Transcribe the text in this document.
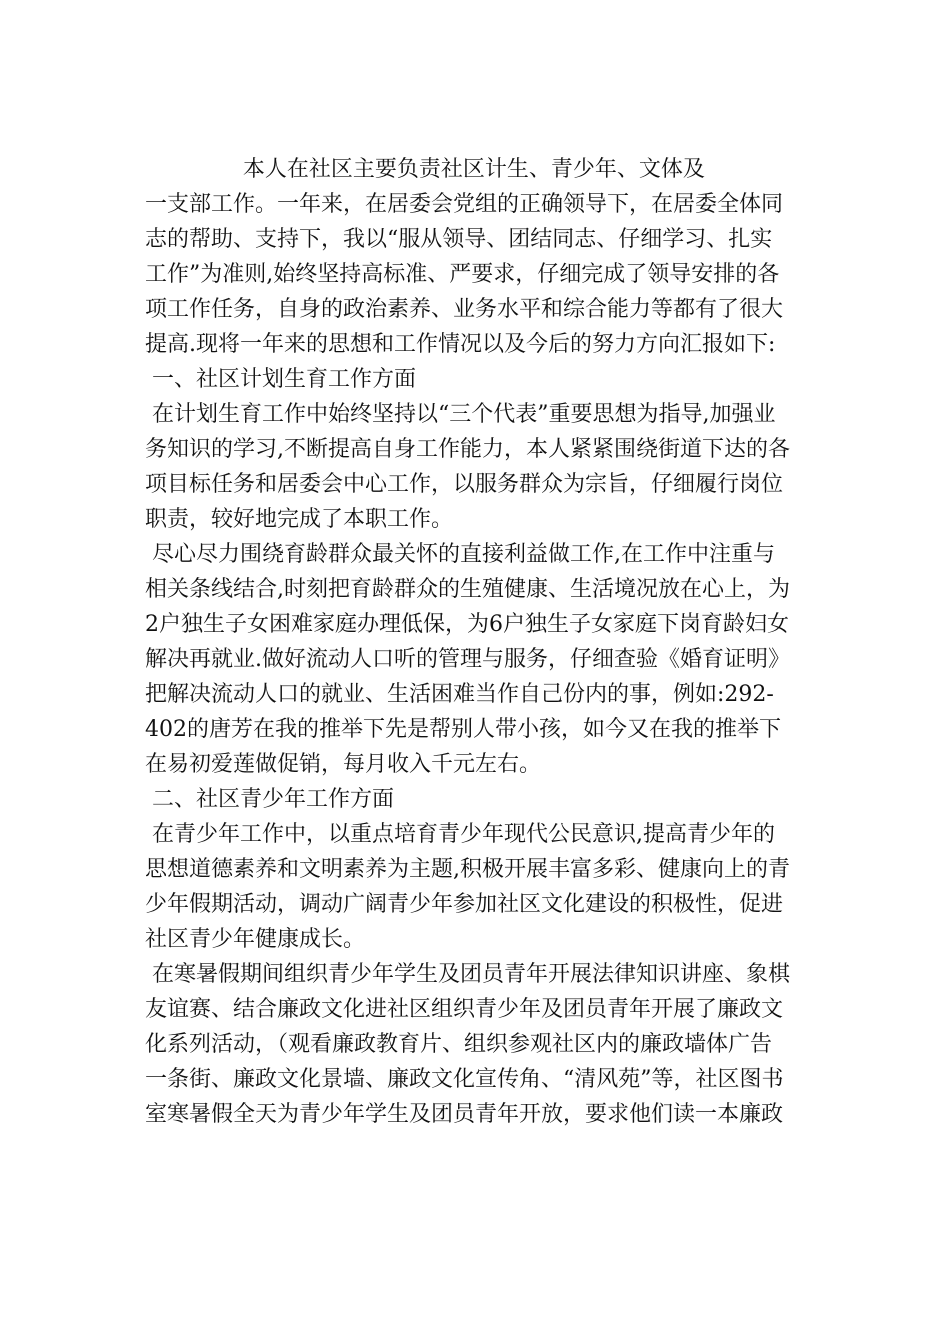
本人在社区主要负责社区计生、青少年、文体及
一支部工作。一年来，在居委会党组的正确领导下，在居委全体同
志的帮助、支持下，我以“服从领导、团结同志、仔细学习、扎实
工作”为准则,始终坚持高标准、严要求，仔细完成了领导安排的各
项工作任务，自身的政治素养、业务水平和综合能力等都有了很大
提高.现将一年来的思想和工作情况以及今后的努力方向汇报如下:
一、社区计划生育工作方面
在计划生育工作中始终坚持以“三个代表”重要思想为指导,加强业
务知识的学习,不断提高自身工作能力，本人紧紧围绕街道下达的各
项目标任务和居委会中心工作，以服务群众为宗旨，仔细履行岗位
职责，较好地完成了本职工作。
尽心尽力围绕育龄群众最关怀的直接利益做工作,在工作中注重与
相关条线结合,时刻把育龄群众的生殖健康、生活境况放在心上，为
2户独生子女困难家庭办理低保，为6户独生子女家庭下岗育龄妇女
解决再就业.做好流动人口听的管理与服务，仔细查验《婚育证明》
把解决流动人口的就业、生活困难当作自己份内的事，例如:292-
402的唐芳在我的推举下先是帮别人带小孩，如今又在我的推举下
在易初爱莲做促销，每月收入千元左右。
二、社区青少年工作方面
在青少年工作中，以重点培育青少年现代公民意识,提高青少年的
思想道德素养和文明素养为主题,积极开展丰富多彩、健康向上的青
少年假期活动，调动广阔青少年参加社区文化建设的积极性，促进
社区青少年健康成长。
在寒暑假期间组织青少年学生及团员青年开展法律知识讲座、象棋
友谊赛、结合廉政文化进社区组织青少年及团员青年开展了廉政文
化系列活动，（观看廉政教育片、组织参观社区内的廉政墙体广告
一条街、廉政文化景墙、廉政文化宣传角、“清风苑”等，社区图书
室寒暑假全天为青少年学生及团员青年开放，要求他们读一本廉政
